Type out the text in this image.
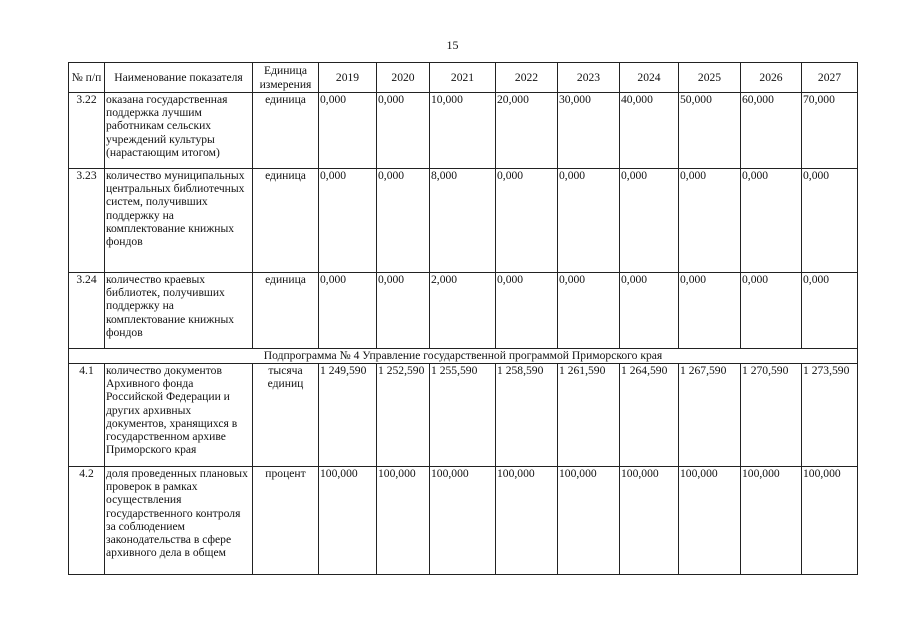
15
№ п/п	Наименование показателя	Единица измерения	2019	2020	2021	2022	2023	2024	2025	2026	2027
3.22	оказана государственная поддержка лучшим работникам сельских учреждений культуры (нарастающим итогом)	единица	0,000	0,000	10,000	20,000	30,000	40,000	50,000	60,000	70,000
3.23	количество муниципальных центральных библиотечных систем, получивших поддержку на комплектование книжных фондов	единица	0,000	0,000	8,000	0,000	0,000	0,000	0,000	0,000	0,000
3.24	количество краевых библиотек, получивших поддержку на комплектование книжных фондов	единица	0,000	0,000	2,000	0,000	0,000	0,000	0,000	0,000	0,000
Подпрограмма № 4 Управление государственной программой Приморского края											
4.1	количество документов Архивного фонда Российской Федерации и других архивных документов, хранящихся в государственном архиве Приморского края	тысяча единиц	1 249,590	1 252,590	1 255,590	1 258,590	1 261,590	1 264,590	1 267,590	1 270,590	1 273,590
4.2	доля проведенных плановых проверок в рамках осуществления государственного контроля за соблюдением законодательства в сфере архивного дела в общем	процент	100,000	100,000	100,000	100,000	100,000	100,000	100,000	100,000	100,000
